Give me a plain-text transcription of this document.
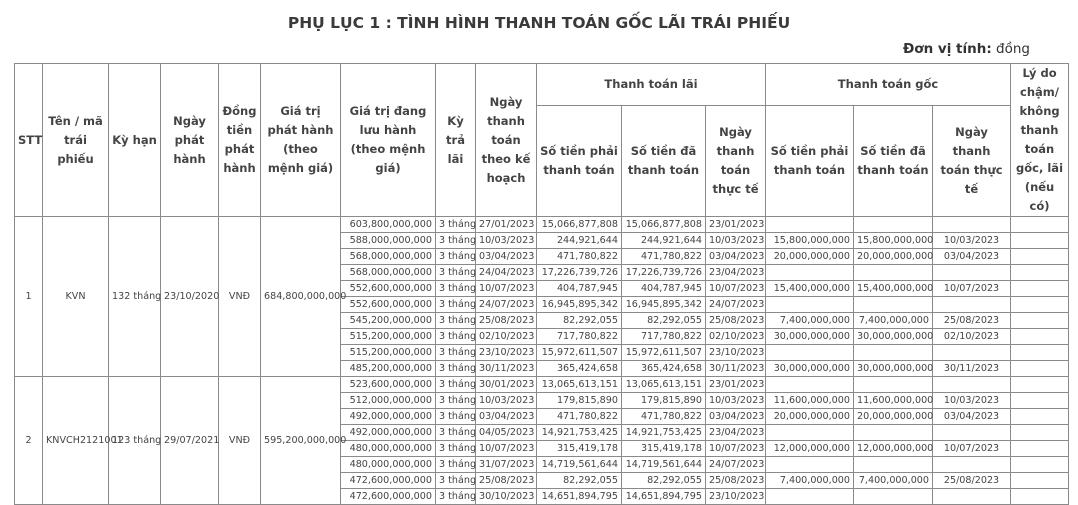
PHỤ LỤC 1 : TÌNH HÌNH THANH TOÁN GỐC LÃI TRÁI PHIẾU
Đơn vị tính: đồng
STT	Tên / mã trái phiếu	Kỳ hạn	Ngày phát hành	Đồng tiền phát hành	Giá trị phát hành (theo mệnh giá)	Giá trị đang lưu hành (theo mệnh giá)	Kỳ trả lãi	Ngày thanh toán theo kế hoạch	Thanh toán lãi			Thanh toán gốc			Lý do chậm/ không thanh toán gốc, lãi (nếu có)
									Số tiền phải thanh toán	Số tiền đã thanh toán	Ngày thanh toán thực tế	Số tiền phải thanh toán	Số tiền đã thanh toán	Ngày thanh toán thực tế	
1	KVN	132 tháng	23/10/2020	VNĐ	684,800,000,000	603,800,000,000	3 tháng	27/01/2023	15,066,877,808	15,066,877,808	23/01/2023				
						588,000,000,000	3 tháng	10/03/2023	244,921,644	244,921,644	10/03/2023	15,800,000,000	15,800,000,000	10/03/2023	
						568,000,000,000	3 tháng	03/04/2023	471,780,822	471,780,822	03/04/2023	20,000,000,000	20,000,000,000	03/04/2023	
						568,000,000,000	3 tháng	24/04/2023	17,226,739,726	17,226,739,726	23/04/2023				
						552,600,000,000	3 tháng	10/07/2023	404,787,945	404,787,945	10/07/2023	15,400,000,000	15,400,000,000	10/07/2023	
						552,600,000,000	3 tháng	24/07/2023	16,945,895,342	16,945,895,342	24/07/2023				
						545,200,000,000	3 tháng	25/08/2023	82,292,055	82,292,055	25/08/2023	7,400,000,000	7,400,000,000	25/08/2023	
						515,200,000,000	3 tháng	02/10/2023	717,780,822	717,780,822	02/10/2023	30,000,000,000	30,000,000,000	02/10/2023	
						515,200,000,000	3 tháng	23/10/2023	15,972,611,507	15,972,611,507	23/10/2023				
						485,200,000,000	3 tháng	30/11/2023	365,424,658	365,424,658	30/11/2023	30,000,000,000	30,000,000,000	30/11/2023	
2	KNVCH2121001	123 tháng	29/07/2021	VNĐ	595,200,000,000	523,600,000,000	3 tháng	30/01/2023	13,065,613,151	13,065,613,151	23/01/2023				
						512,000,000,000	3 tháng	10/03/2023	179,815,890	179,815,890	10/03/2023	11,600,000,000	11,600,000,000	10/03/2023	
						492,000,000,000	3 tháng	03/04/2023	471,780,822	471,780,822	03/04/2023	20,000,000,000	20,000,000,000	03/04/2023	
						492,000,000,000	3 tháng	04/05/2023	14,921,753,425	14,921,753,425	23/04/2023				
						480,000,000,000	3 tháng	10/07/2023	315,419,178	315,419,178	10/07/2023	12,000,000,000	12,000,000,000	10/07/2023	
						480,000,000,000	3 tháng	31/07/2023	14,719,561,644	14,719,561,644	24/07/2023				
						472,600,000,000	3 tháng	25/08/2023	82,292,055	82,292,055	25/08/2023	7,400,000,000	7,400,000,000	25/08/2023	
						472,600,000,000	3 tháng	30/10/2023	14,651,894,795	14,651,894,795	23/10/2023				
